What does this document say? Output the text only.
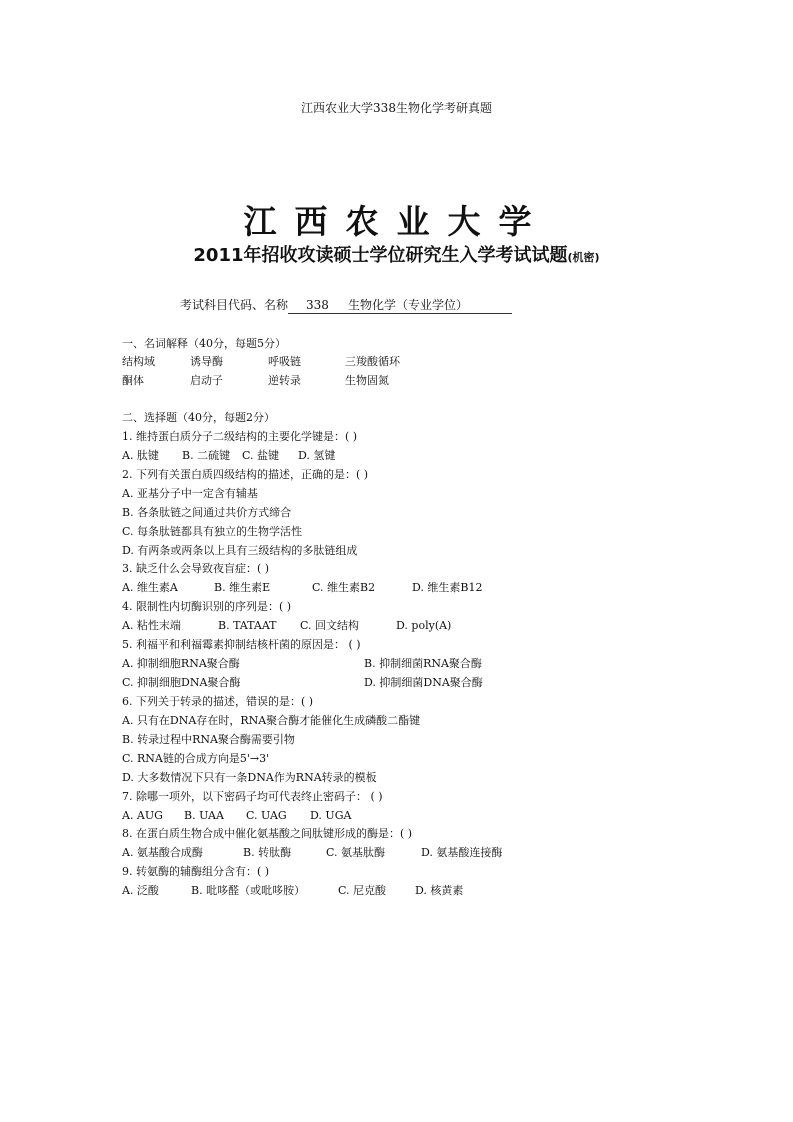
江西农业大学338生物化学考研真题
江西农业大学
2011年招收攻读硕士学位研究生入学考试试题(机密)
考试科目代码、名称 338 生物化学（专业学位）
一、名词解释（40分，每题5分）
结构域	诱导酶	呼吸链	三羧酸循环
酮体	启动子	逆转录	生物固氮
二、选择题（40分，每题2分）
1. 维持蛋白质分子二级结构的主要化学键是：( )
A. 肽键 B. 二硫键 C. 盐键 D. 氢键
2. 下列有关蛋白质四级结构的描述，正确的是：( )
A. 亚基分子中一定含有辅基
B. 各条肽链之间通过共价方式缔合
C. 每条肽链都具有独立的生物学活性
D. 有两条或两条以上具有三级结构的多肽链组成
3. 缺乏什么会导致夜盲症：( )
A. 维生素A	B. 维生素E	C. 维生素B2	D. 维生素B12
4. 限制性内切酶识别的序列是：( )
A. 粘性末端	B. TATAAT C. 回文结构	D. poly(A)
5. 利福平和利福霉素抑制结核杆菌的原因是： ( )
A. 抑制细胞RNA聚合酶	B. 抑制细菌RNA聚合酶
C. 抑制细胞DNA聚合酶	D. 抑制细菌DNA聚合酶
6. 下列关于转录的描述，错误的是：( )
A. 只有在DNA存在时，RNA聚合酶才能催化生成磷酸二酯键
B. 转录过程中RNA聚合酶需要引物
C. RNA链的合成方向是5'→3'
D. 大多数情况下只有一条DNA作为RNA转录的模板
7. 除哪一项外，以下密码子均可代表终止密码子： ( )
A. AUG B. UAA C. UAG D. UGA
8. 在蛋白质生物合成中催化氨基酸之间肽键形成的酶是：( )
A. 氨基酸合成酶	B. 转肽酶	C. 氨基肽酶	D. 氨基酸连接酶
9. 转氨酶的辅酶组分含有：( )
A. 泛酸	B. 吡哆醛（或吡哆胺）	C. 尼克酸	D. 核黄素
